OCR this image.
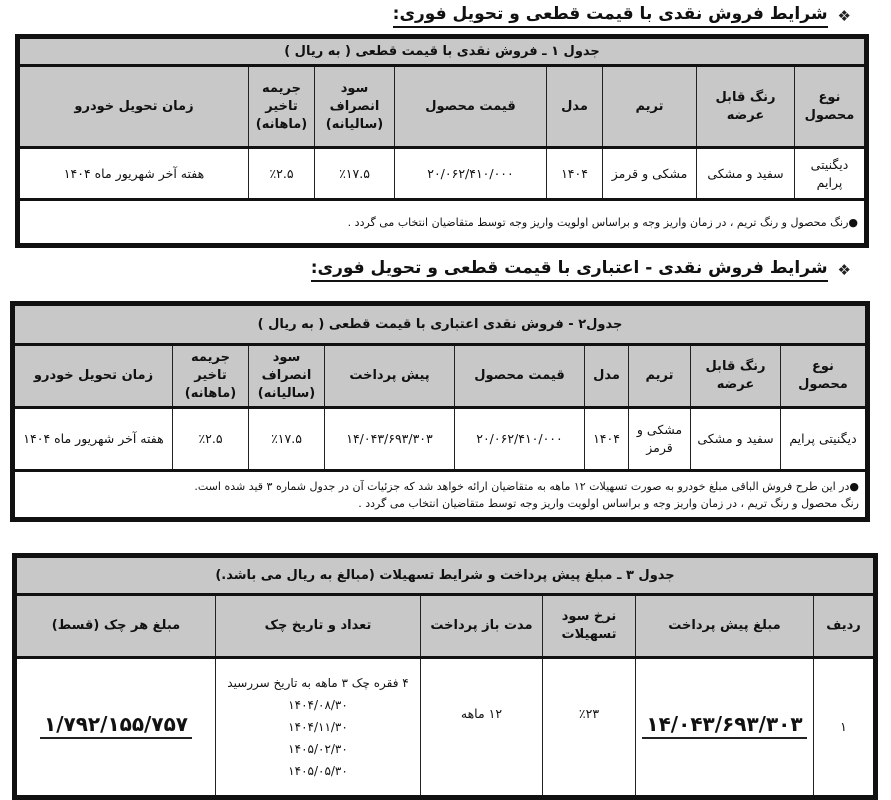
❖
شرایط فروش نقدی با قیمت قطعی و تحویل فوری:
جدول ۱ ـ فروش نقدی با قیمت قطعی ( به ریال )							
نوع محصول	رنگ قابل عرضه	تریم	مدل	قیمت محصول	سود انصراف (سالیانه)	جریمه تاخیر (ماهانه)	زمان تحویل خودرو
دیگنیتی پرایم	سفید و مشکی	مشکی و قرمز	۱۴۰۴	۲۰/۰۶۲/۴۱۰/۰۰۰	٪۱۷.۵	٪۲.۵	هفته آخر شهریور ماه ۱۴۰۴
●رنگ محصول و رنگ تریم ، در زمان واریز وجه و براساس اولویت واریز وجه توسط متقاضیان انتخاب می گردد .							
❖
شرایط فروش نقدی - اعتباری با قیمت قطعی و تحویل فوری:
جدول۲ - فروش نقدی اعتباری با قیمت قطعی ( به ریال )								
نوع محصول	رنگ قابل عرضه	تریم	مدل	قیمت محصول	پیش پرداخت	سود انصراف (سالیانه)	جریمه تاخیر (ماهانه)	زمان تحویل خودرو
دیگنیتی پرایم	سفید و مشکی	مشکی و قرمز	۱۴۰۴	۲۰/۰۶۲/۴۱۰/۰۰۰	۱۴/۰۴۳/۶۹۳/۳۰۳	٪۱۷.۵	٪۲.۵	هفته آخر شهریور ماه ۱۴۰۴

●در این طرح فروش الباقی مبلغ خودرو به صورت تسهیلات ۱۲ ماهه به متقاضیان ارائه خواهد شد که جزئیات آن در جدول شماره ۳ قید شده است.
رنگ محصول و رنگ تریم ، در زمان واریز وجه و براساس اولویت واریز وجه توسط متقاضیان انتخاب می گردد .								
جدول ۳ ـ مبلغ پیش پرداخت و شرایط تسهیلات (مبالغ به ریال می باشد.)					
ردیف	مبلغ پیش پرداخت	نرخ سود تسهیلات	مدت باز پرداخت	تعداد و تاریخ چک	مبلغ هر چک (قسط)
۱	۱۴/۰۴۳/۶۹۳/۳۰۳	٪۲۳	۱۲ ماهه	۴ فقره چک ۳ ماهه به تاریخ سررسید
۱۴۰۴/۰۸/۳۰
۱۴۰۴/۱۱/۳۰
۱۴۰۵/۰۲/۳۰
۱۴۰۵/۰۵/۳۰	۱/۷۹۲/۱۵۵/۷۵۷
